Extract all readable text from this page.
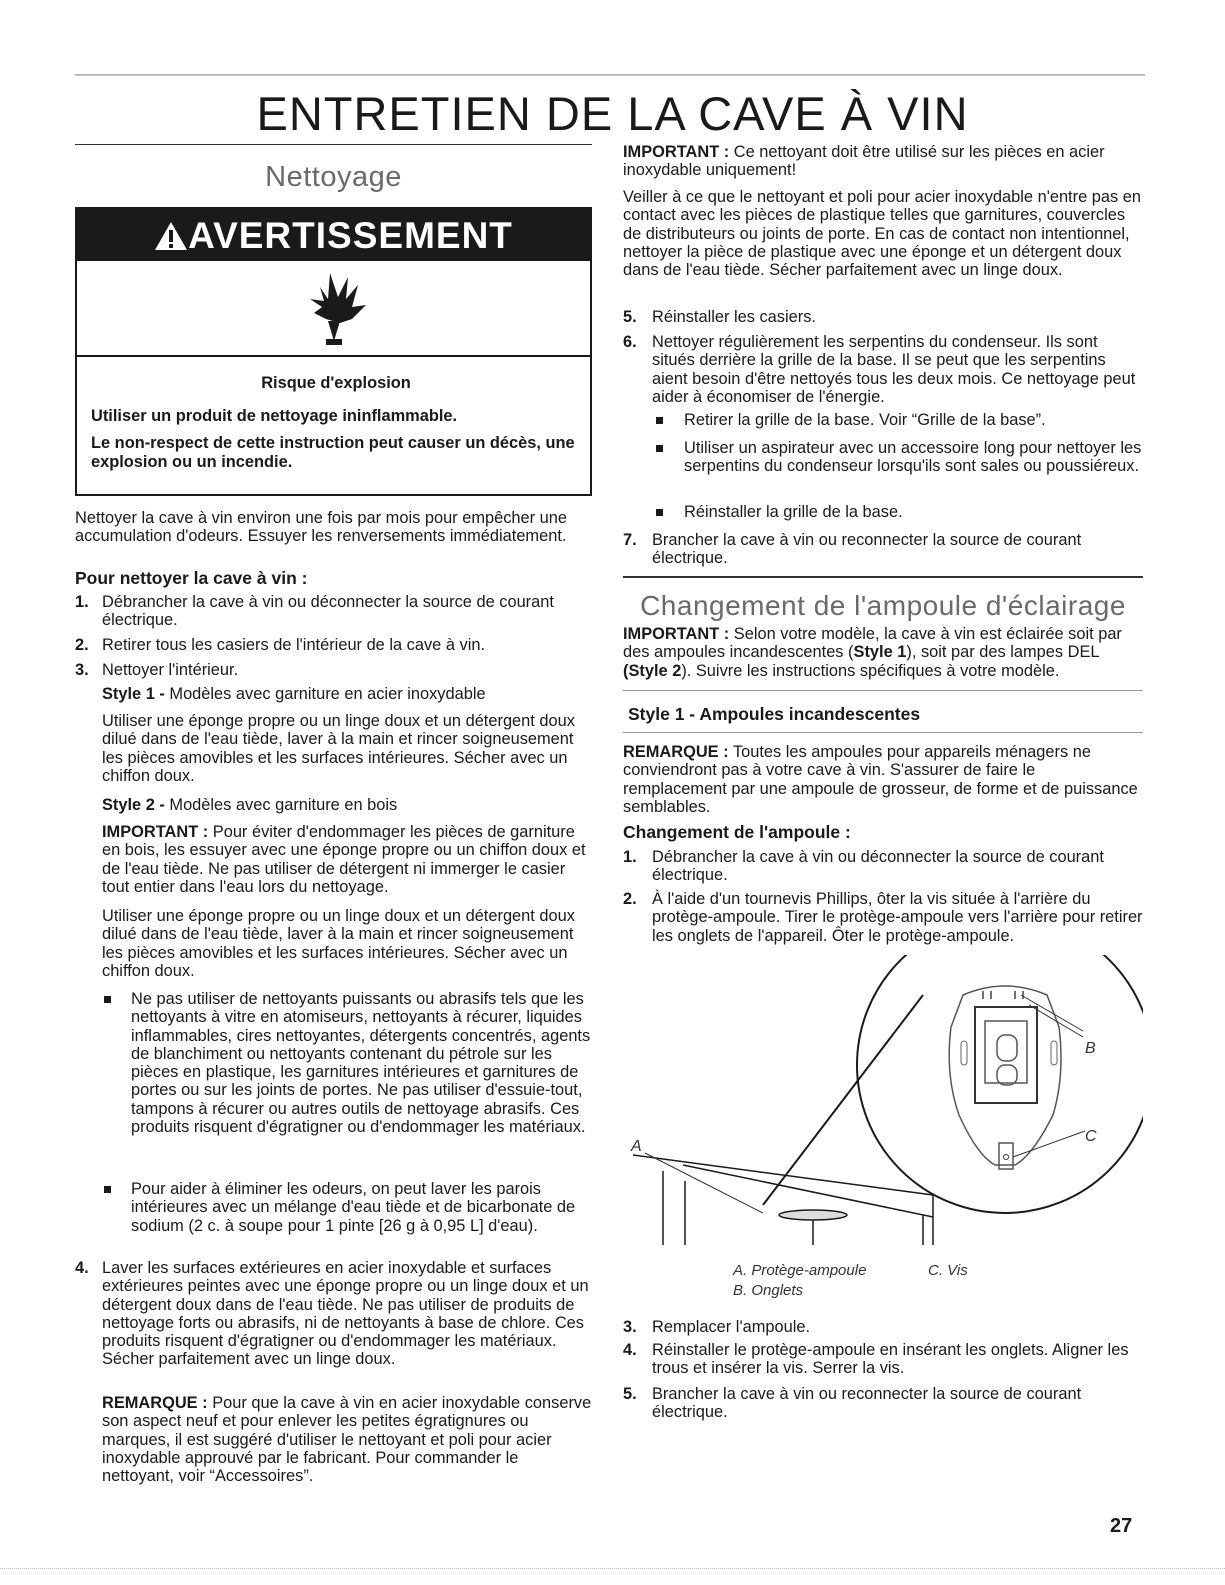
ENTRETIEN DE LA CAVE À VIN
Nettoyage
AVERTISSEMENT

Risque d'explosion

Utiliser un produit de nettoyage ininflammable.

Le non-respect de cette instruction peut causer un décès, une explosion ou un incendie.

Nettoyer la cave à vin environ une fois par mois pour empêcher une accumulation d'odeurs. Essuyer les renversements immédiatement.

Pour nettoyer la cave à vin :

1. Débrancher la cave à vin ou déconnecter la source de courant électrique.

2. Retirer tous les casiers de l'intérieur de la cave à vin.

3. Nettoyer l'intérieur.

Style 1 - Modèles avec garniture en acier inoxydable

Utiliser une éponge propre ou un linge doux et un détergent doux dilué dans de l'eau tiède, laver à la main et rincer soigneusement les pièces amovibles et les surfaces intérieures. Sécher avec un chiffon doux.

Style 2 - Modèles avec garniture en bois

IMPORTANT : Pour éviter d'endommager les pièces de garniture en bois, les essuyer avec une éponge propre ou un chiffon doux et de l'eau tiède. Ne pas utiliser de détergent ni immerger le casier tout entier dans l'eau lors du nettoyage.

Utiliser une éponge propre ou un linge doux et un détergent doux dilué dans de l'eau tiède, laver à la main et rincer soigneusement les pièces amovibles et les surfaces intérieures. Sécher avec un chiffon doux.

Ne pas utiliser de nettoyants puissants ou abrasifs tels que les nettoyants à vitre en atomiseurs, nettoyants à récurer, liquides inflammables, cires nettoyantes, détergents concentrés, agents de blanchiment ou nettoyants contenant du pétrole sur les pièces en plastique, les garnitures intérieures et garnitures de portes ou sur les joints de portes. Ne pas utiliser d'essuie-tout, tampons à récurer ou autres outils de nettoyage abrasifs. Ces produits risquent d'égratigner ou d'endommager les matériaux.

Pour aider à éliminer les odeurs, on peut laver les parois intérieures avec un mélange d'eau tiède et de bicarbonate de sodium (2 c. à soupe pour 1 pinte [26 g à 0,95 L] d'eau).

4. Laver les surfaces extérieures en acier inoxydable et surfaces extérieures peintes avec une éponge propre ou un linge doux et un détergent doux dans de l'eau tiède. Ne pas utiliser de produits de nettoyage forts ou abrasifs, ni de nettoyants à base de chlore. Ces produits risquent d'égratigner ou d'endommager les matériaux. Sécher parfaitement avec un linge doux.

REMARQUE : Pour que la cave à vin en acier inoxydable conserve son aspect neuf et pour enlever les petites égratignures ou marques, il est suggéré d'utiliser le nettoyant et poli pour acier inoxydable approuvé par le fabricant. Pour commander le nettoyant, voir “Accessoires”.

IMPORTANT : Ce nettoyant doit être utilisé sur les pièces en acier inoxydable uniquement!

Veiller à ce que le nettoyant et poli pour acier inoxydable n'entre pas en contact avec les pièces de plastique telles que garnitures, couvercles de distributeurs ou joints de porte. En cas de contact non intentionnel, nettoyer la pièce de plastique avec une éponge et un détergent doux dans de l'eau tiède. Sécher parfaitement avec un linge doux.

5. Réinstaller les casiers.

6. Nettoyer régulièrement les serpentins du condenseur. Ils sont situés derrière la grille de la base. Il se peut que les serpentins aient besoin d'être nettoyés tous les deux mois. Ce nettoyage peut aider à économiser de l'énergie.

Retirer la grille de la base. Voir “Grille de la base”.

Utiliser un aspirateur avec un accessoire long pour nettoyer les serpentins du condenseur lorsqu'ils sont sales ou poussiéreux.

Réinstaller la grille de la base.

7. Brancher la cave à vin ou reconnecter la source de courant électrique.

Changement de l'ampoule d'éclairage

IMPORTANT : Selon votre modèle, la cave à vin est éclairée soit par des ampoules incandescentes (Style 1), soit par des lampes DEL (Style 2). Suivre les instructions spécifiques à votre modèle.

Style 1 - Ampoules incandescentes

REMARQUE : Toutes les ampoules pour appareils ménagers ne conviendront pas à votre cave à vin. S'assurer de faire le remplacement par une ampoule de grosseur, de forme et de puissance semblables.

Changement de l'ampoule :

1. Débrancher la cave à vin ou déconnecter la source de courant électrique.

2. À l'aide d'un tournevis Phillips, ôter la vis située à l'arrière du protège-ampoule. Tirer le protège-ampoule vers l'arrière pour retirer les onglets de l'appareil. Ôter le protège-ampoule.

A
B
C
A. Protège-ampoule
B. Onglets
C. Vis
3. Remplacer l'ampoule.

4. Réinstaller le protège-ampoule en insérant les onglets. Aligner les trous et insérer la vis. Serrer la vis.

5. Brancher la cave à vin ou reconnecter la source de courant électrique.

27
